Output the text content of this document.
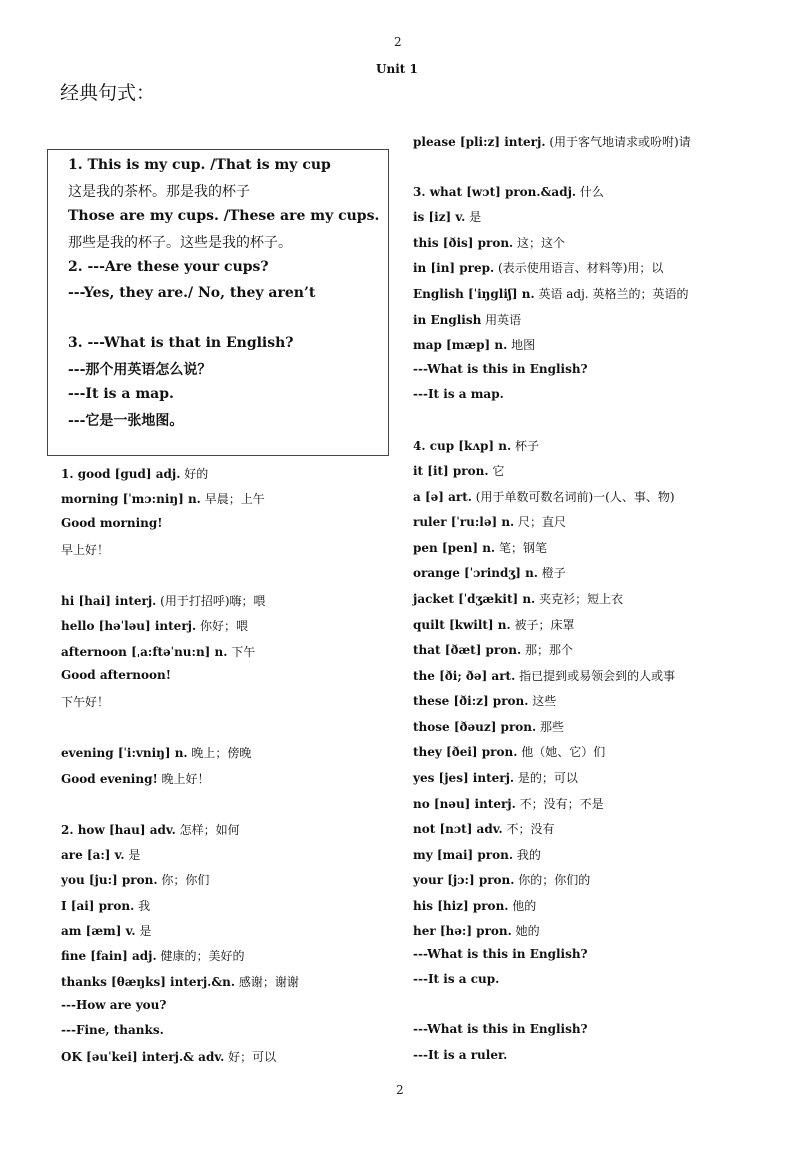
2
Unit 1
经典句式：
1. This is my cup. /That is my cup
这是我的茶杯。那是我的杯子
Those are my cups. /These are my cups.
那些是我的杯子。这些是我的杯子。
2. ---Are these your cups?
---Yes, they are./ No, they aren’t
3. ---What is that in English?
---那个用英语怎么说？
---It is a map.
---它是一张地图。
1. good [gud] adj. 好的
morning [ˈmɔ:niŋ] n. 早晨；上午
Good morning!
早上好！
hi [hai] interj. (用于打招呼)嗨；喂
hello [həˈləu] interj. 你好；喂
afternoon [ˌa:ftəˈnu:n] n. 下午
Good afternoon!
下午好！
evening [ˈi:vniŋ] n. 晚上；傍晚
Good evening! 晚上好！
2. how [hau] adv. 怎样；如何
are [a:] v. 是
you [ju:] pron. 你；你们
I [ai] pron. 我
am [æm] v. 是
fine [fain] adj. 健康的；美好的
thanks [θæŋks] interj.&n. 感谢；谢谢
---How are you?
---Fine, thanks.
OK [əuˈkei] interj.& adv. 好；可以
please [pli:z] interj. (用于客气地请求或吩咐)请
3. what [wɔt] pron.&adj. 什么
is [iz] v. 是
this [ðis] pron. 这；这个
in [in] prep. (表示使用语言、材料等)用；以
English [ˈiŋgliʃ] n. 英语 adj. 英格兰的；英语的
in English 用英语
map [mæp] n. 地图
---What is this in English?
---It is a map.
4. cup [kʌp] n. 杯子
it [it] pron. 它
a [ə] art. (用于单数可数名词前)一(人、事、物)
ruler [ˈru:lə] n. 尺；直尺
pen [pen] n. 笔；钢笔
orange [ˈɔrindʒ] n. 橙子
jacket [ˈdʒækit] n. 夹克衫；短上衣
quilt [kwilt] n. 被子；床罩
that [ðæt] pron. 那；那个
the [ði; ðə] art. 指已提到或易领会到的人或事
these [ði:z] pron. 这些
those [ðəuz] pron. 那些
they [ðei] pron. 他（她、它）们
yes [jes] interj. 是的；可以
no [nəu] interj. 不；没有；不是
not [nɔt] adv. 不；没有
my [mai] pron. 我的
your [jɔ:] pron. 你的；你们的
his [hiz] pron. 他的
her [hə:] pron. 她的
---What is this in English?
---It is a cup.
---What is this in English?
---It is a ruler.
2
